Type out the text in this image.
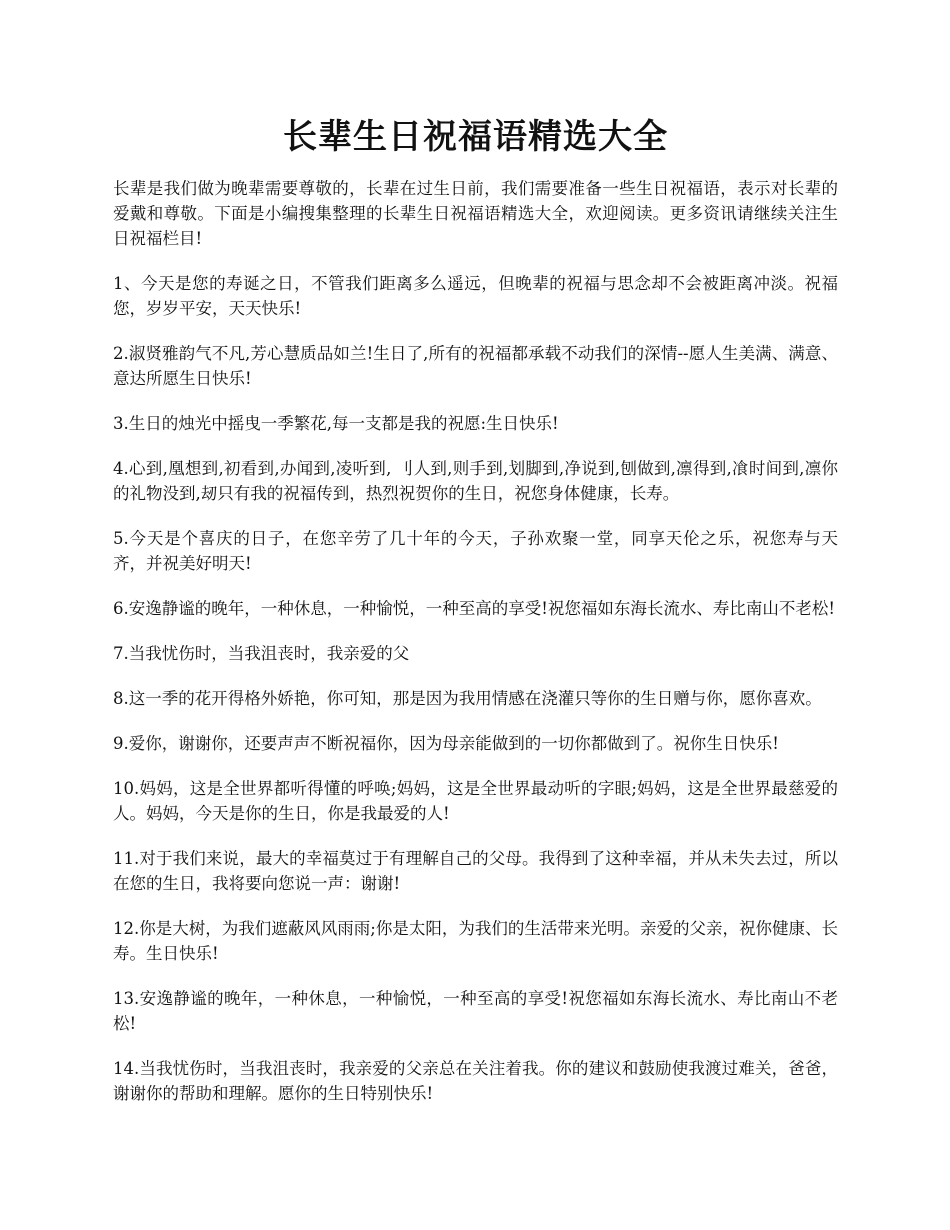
长辈生日祝福语精选大全

长辈是我们做为晚辈需要尊敬的，长辈在过生日前，我们需要准备一些生日祝福语，表示对长辈的爱戴和尊敬。下面是小编搜集整理的长辈生日祝福语精选大全，欢迎阅读。更多资讯请继续关注生日祝福栏目!

1、今天是您的寿诞之日，不管我们距离多么遥远，但晚辈的祝福与思念却不会被距离冲淡。祝福您，岁岁平安，天天快乐!

2.淑贤雅韵气不凡,芳心慧质品如兰!生日了,所有的祝福都承载不动我们的深情--愿人生美满、满意、意达所愿生日快乐!

3.生日的烛光中摇曳一季繁花,每一支都是我的祝愿:生日快乐!

4.心到,凰想到,初看到,办闻到,凌听到, 刂人到,则手到,划脚到,净说到,刨做到,凛得到,飡时间到,凛你的礼物没到,刼只有我的祝福传到，热烈祝贺你的生日，祝您身体健康，长寿。

5.今天是个喜庆的日子，在您辛劳了几十年的今天，子孙欢聚一堂，同享天伦之乐，祝您寿与天齐，并祝美好明天!

6.安逸静谧的晚年，一种休息，一种愉悦，一种至高的享受!祝您福如东海长流水、寿比南山不老松!

7.当我忧伤时，当我沮丧时，我亲爱的父

8.这一季的花开得格外娇艳，你可知，那是因为我用情感在浇灌只等你的生日赠与你，愿你喜欢。

9.爱你，谢谢你，还要声声不断祝福你，因为母亲能做到的一切你都做到了。祝你生日快乐!

10.妈妈，这是全世界都听得懂的呼唤;妈妈，这是全世界最动听的字眼;妈妈，这是全世界最慈爱的人。妈妈，今天是你的生日，你是我最爱的人!

11.对于我们来说，最大的幸福莫过于有理解自己的父母。我得到了这种幸福，并从未失去过，所以在您的生日，我将要向您说一声：谢谢!

12.你是大树，为我们遮蔽风风雨雨;你是太阳，为我们的生活带来光明。亲爱的父亲，祝你健康、长寿。生日快乐!

13.安逸静谧的晚年，一种休息，一种愉悦，一种至高的享受!祝您福如东海长流水、寿比南山不老松!

14.当我忧伤时，当我沮丧时，我亲爱的父亲总在关注着我。你的建议和鼓励使我渡过难关，爸爸，谢谢你的帮助和理解。愿你的生日特别快乐!
